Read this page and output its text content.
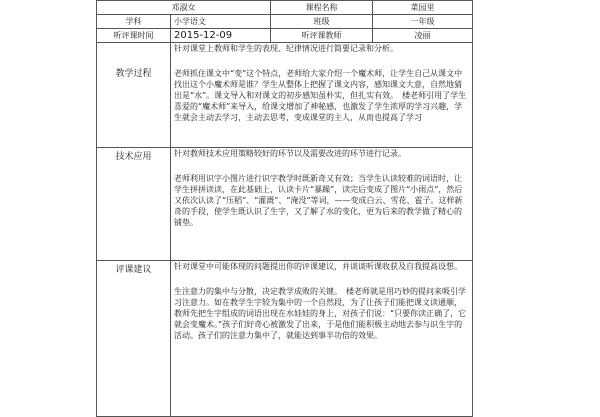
邓淑女		课程名称	菜园里
学科	小学语文	班级	一年级
听评课时间	2015-12-09	听评课教师	凌丽
教学过程	针对课堂上教师和学生的表现、纪律情况进行简要记录和分析。

老师抓住课文中“变”这个特点，老师给大家介绍一个魔术师，让学生自己从课文中找出这个小魔术师是谁？学生从整体上把握了课文内容，感知课文大意，自然地猜出是“水”。课文导入和对课文的初步感知虽朴实，但扎实有效。　楼老师引用了学生喜爱的“魔术师”来导入，给课文增加了神秘感，也激发了学生浓厚的学习兴趣，学生就会主动去学习，主动去思考，变成课堂的主人，从而也提高了学习		

技术应用	针对教师技术应用策略较好的环节以及需要改进的环节进行记录。

老师利用识字小图片进行识字教学时既新奇又有效；当学生认读较难的词语时，让学生拼拼读读，在此基础上，认读卡片“暴躁”，读完后变成了图片“小雨点”，然后又依次认读了“压稻”、“灌溉”、“淹没”等词，——变成白云、雪花、雹子。这样新奇的手段，使学生既认识了生字，又了解了水的变化，更为后来的教学做了精心的铺垫。		

评课建议	针对课堂中可能体现的问题提出你的评课建议，并谈谈听课收获及自我提高设想。

生注意力的集中与分散，决定教学成败的关键。　楼老师就是用巧妙的提问来吸引学习注意力。如在教学生字较为集中的一个自然段，为了让孩子们能把课文读通顺，教师先把生字组成的词语出现在水娃娃的身上，对孩子们说：“只要你读正确了，它就会变魔术。”孩子们好奇心被激发了出来，于是他们能积极主动地去参与识生字的活动。孩子们的注意力集中了，就能达到事半功倍的效果。		
